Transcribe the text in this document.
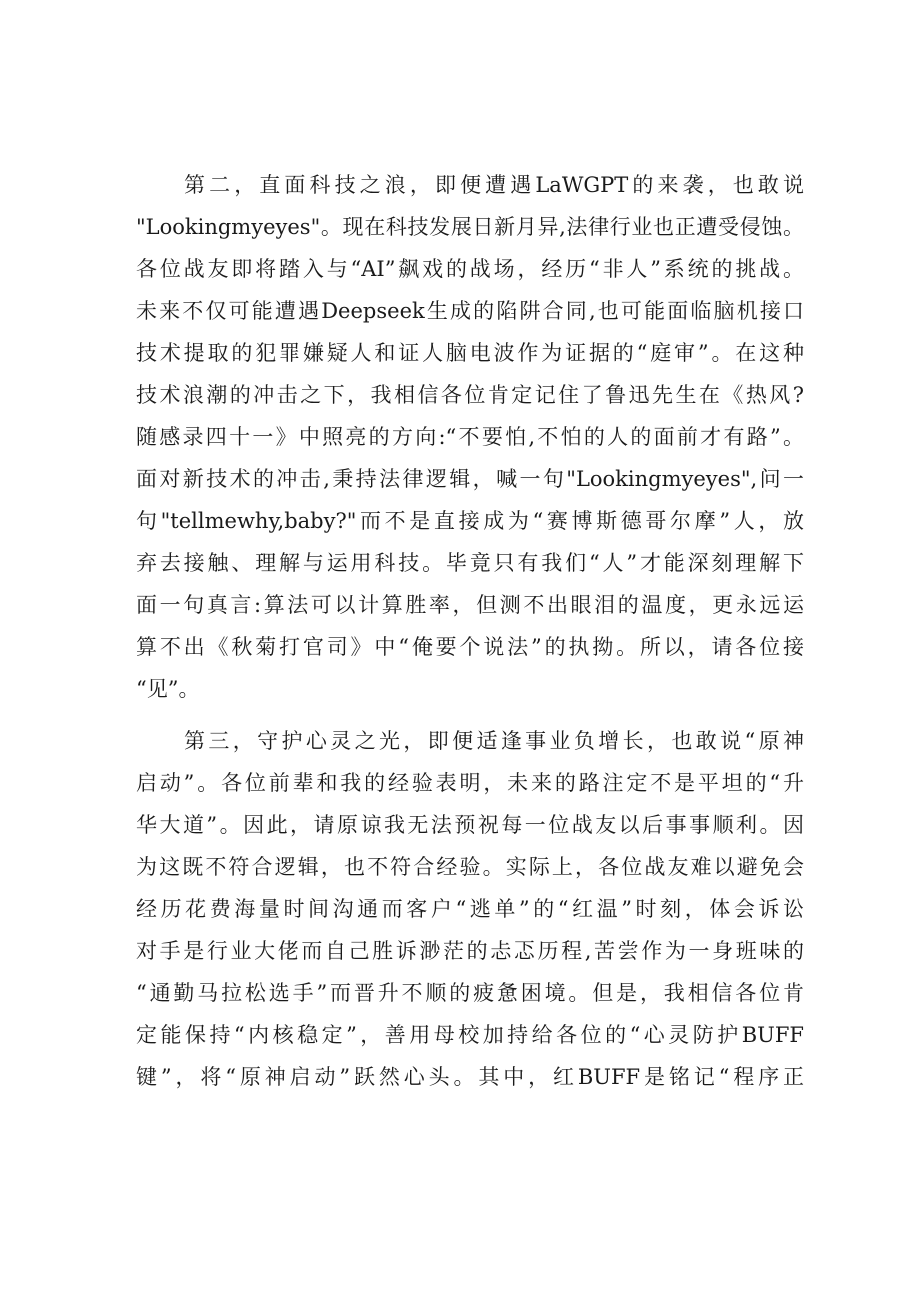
第二，直面科技之浪，即便遭遇LaWGPT的来袭，也敢说
"Lookingmyeyes"。现在科技发展日新月异,法律行业也正遭受侵蚀。
各位战友即将踏入与“AI”飙戏的战场，经历“非人”系统的挑战。
未来不仅可能遭遇Deepseek生成的陷阱合同,也可能面临脑机接口
技术提取的犯罪嫌疑人和证人脑电波作为证据的“庭审”。在这种
技术浪潮的冲击之下，我相信各位肯定记住了鲁迅先生在《热风?
随感录四十一》中照亮的方向:“不要怕,不怕的人的面前才有路”。
面对新技术的冲击,秉持法律逻辑，喊一句"Lookingmyeyes",问一
句"tellmewhy,baby?"而不是直接成为“赛博斯德哥尔摩”人，放
弃去接触、理解与运用科技。毕竟只有我们“人”才能深刻理解下
面一句真言:算法可以计算胜率，但测不出眼泪的温度，更永远运
算不出《秋菊打官司》中“俺要个说法”的执拗。所以，请各位接
“见”。
第三，守护心灵之光，即便适逢事业负增长，也敢说“原神
启动”。各位前辈和我的经验表明，未来的路注定不是平坦的“升
华大道”。因此，请原谅我无法预祝每一位战友以后事事顺利。因
为这既不符合逻辑，也不符合经验。实际上，各位战友难以避免会
经历花费海量时间沟通而客户“逃单”的“红温”时刻，体会诉讼
对手是行业大佬而自己胜诉渺茫的忐忑历程,苦尝作为一身班味的
“通勤马拉松选手”而晋升不顺的疲惫困境。但是，我相信各位肯
定能保持“内核稳定”，善用母校加持给各位的“心灵防护BUFF
键”，将“原神启动”跃然心头。其中，红BUFF是铭记“程序正
